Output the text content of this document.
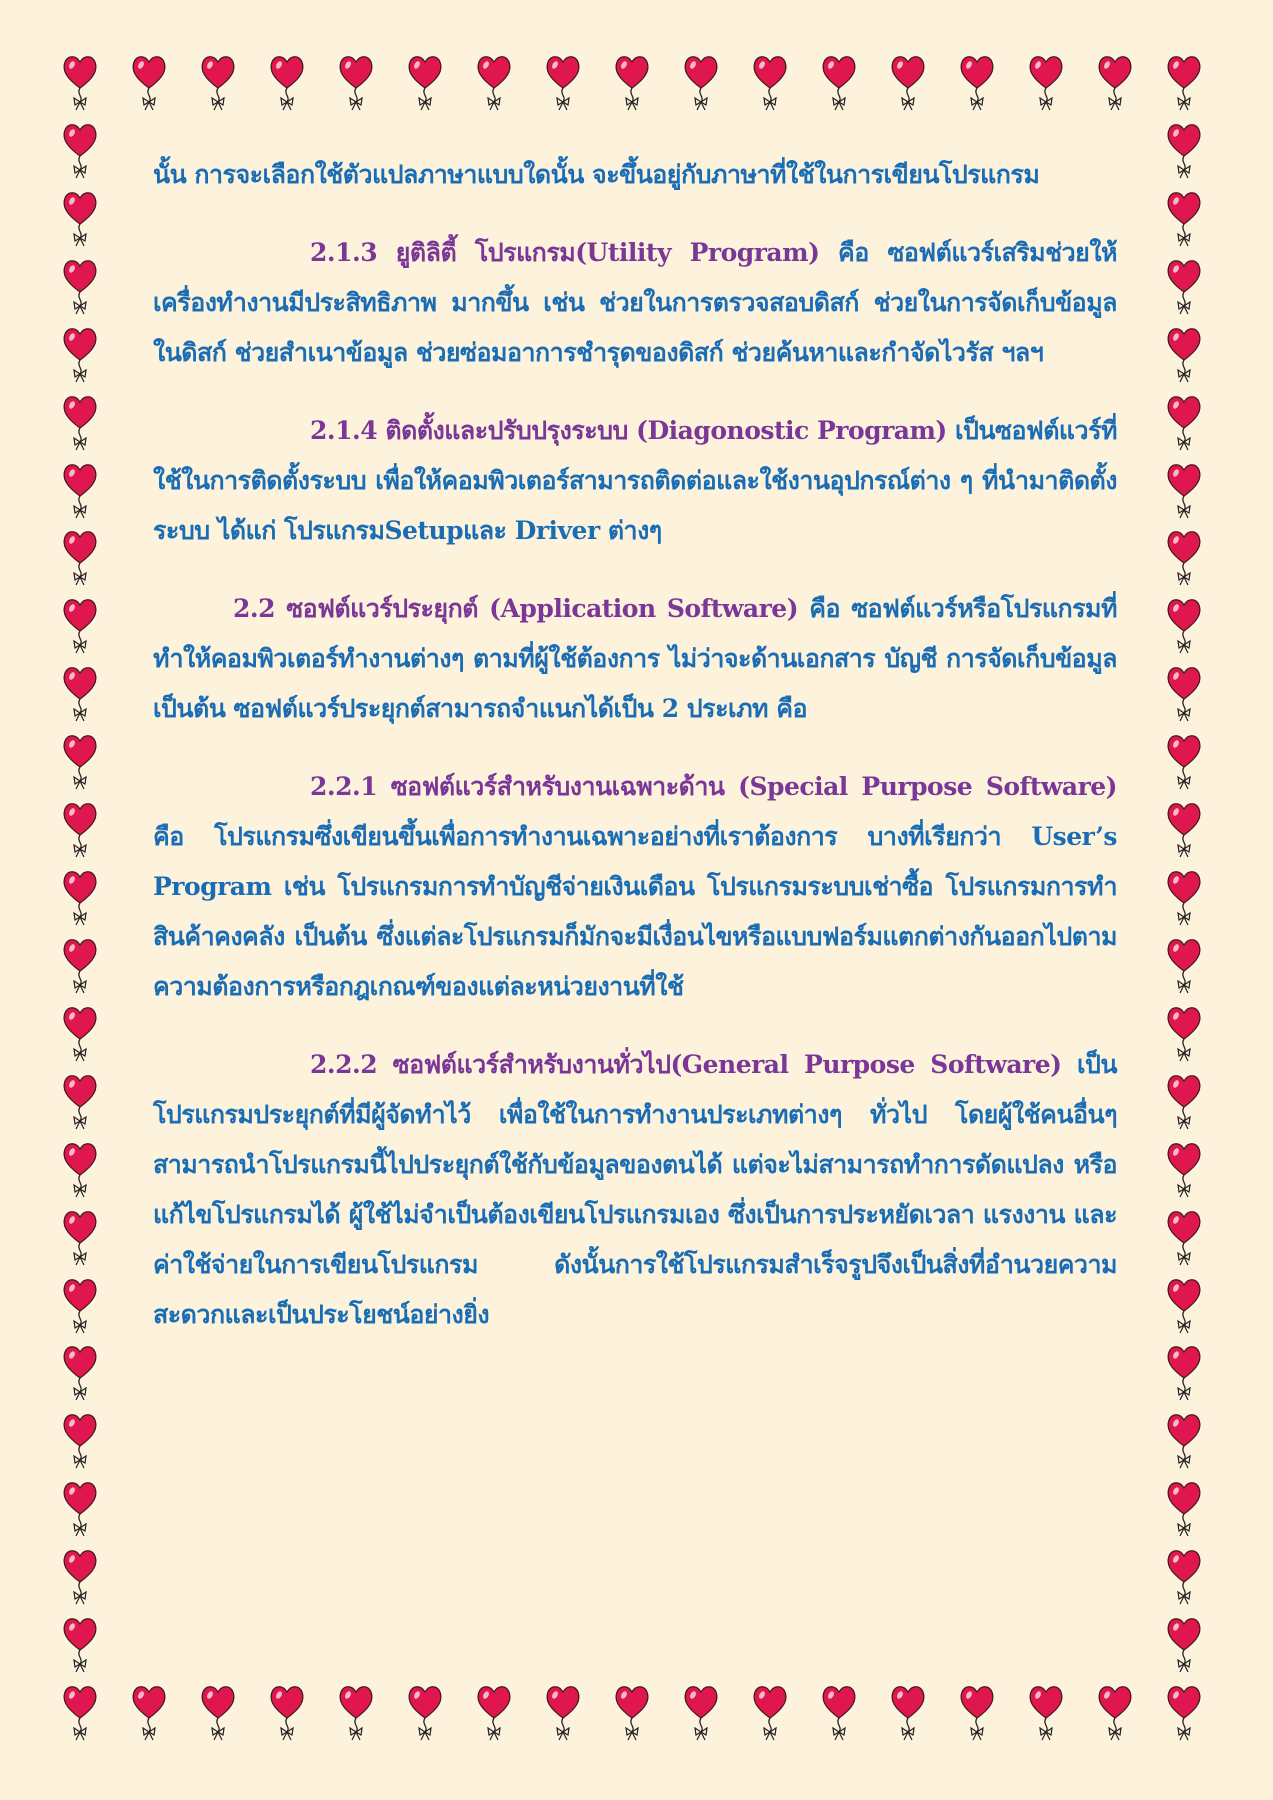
นั้น การจะเลือกใช้ตัวแปลภาษาแบบใดนั้น จะขึ้นอยู่กับภาษาที่ใช้ในการเขียนโปรแกรม

2.1.3 ยูติลิตี้ โปรแกรม(Utility Program) คือ ซอฟต์แวร์เสริมช่วยให้เครื่องทำงานมีประสิทธิภาพ มากขึ้น เช่น ช่วยในการตรวจสอบดิสก์ ช่วยในการจัดเก็บข้อมูลในดิสก์ ช่วยสำเนาข้อมูล ช่วยซ่อมอาการชำรุดของดิสก์ ช่วยค้นหาและกำจัดไวรัส ฯลฯ

2.1.4 ติดตั้งและปรับปรุงระบบ (Diagonostic Program) เป็นซอฟต์แวร์ที่ใช้ในการติดตั้งระบบ เพื่อให้คอมพิวเตอร์สามารถติดต่อและใช้งานอุปกรณ์ต่าง ๆ ที่นำมาติดตั้งระบบ ได้แก่ โปรแกรมSetupและ Driver ต่างๆ

2.2 ซอฟต์แวร์ประยุกต์ (Application Software) คือ ซอฟต์แวร์หรือโปรแกรมที่ทำให้คอมพิวเตอร์ทำงานต่างๆ ตามที่ผู้ใช้ต้องการ ไม่ว่าจะด้านเอกสาร บัญชี การจัดเก็บข้อมูล เป็นต้น ซอฟต์แวร์ประยุกต์สามารถจำแนกได้เป็น 2 ประเภท คือ

2.2.1 ซอฟต์แวร์สำหรับงานเฉพาะด้าน (Special Purpose Software) คือ โปรแกรมซึ่งเขียนขึ้นเพื่อการทำงานเฉพาะอย่างที่เราต้องการ บางที่เรียกว่า User’s Program เช่น โปรแกรมการทำบัญชีจ่ายเงินเดือน โปรแกรมระบบเช่าซื้อ โปรแกรมการทำสินค้าคงคลัง เป็นต้น ซึ่งแต่ละโปรแกรมก็มักจะมีเงื่อนไขหรือแบบฟอร์มแตกต่างกันออกไปตามความต้องการหรือกฎเกณฑ์ของแต่ละหน่วยงานที่ใช้

2.2.2 ซอฟต์แวร์สำหรับงานทั่วไป(General Purpose Software) เป็นโปรแกรมประยุกต์ที่มีผู้จัดทำไว้ เพื่อใช้ในการทำงานประเภทต่างๆ ทั่วไป โดยผู้ใช้คนอื่นๆ สามารถนำโปรแกรมนี้ไปประยุกต์ใช้กับข้อมูลของตนได้ แต่จะไม่สามารถทำการดัดแปลง หรือแก้ไขโปรแกรมได้ ผู้ใช้ไม่จำเป็นต้องเขียนโปรแกรมเอง ซึ่งเป็นการประหยัดเวลา แรงงาน และค่าใช้จ่ายในการเขียนโปรแกรม ดังนั้นการใช้โปรแกรมสำเร็จรูปจึงเป็นสิ่งที่อำนวยความสะดวกและเป็นประโยชน์อย่างยิ่ง
